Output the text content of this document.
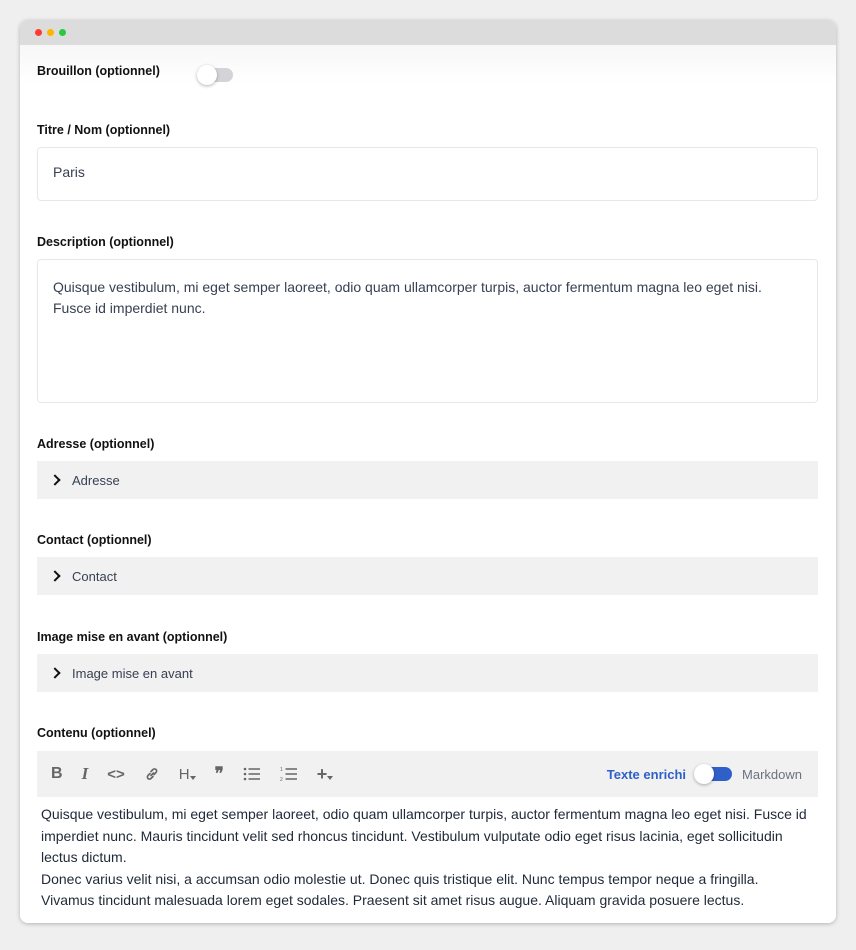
Brouillon (optionnel)
Titre / Nom (optionnel)
Paris
Description (optionnel)
Quisque vestibulum, mi eget semper laoreet, odio quam ullamcorper turpis, auctor fermentum magna leo eget nisi. Fusce id imperdiet nunc.
Adresse (optionnel)
Adresse
Contact (optionnel)
Contact
Image mise en avant (optionnel)
Image mise en avant
Contenu (optionnel)
B I <>	H ❞	1
2 +	Texte enrichi	Markdown

Quisque vestibulum, mi eget semper laoreet, odio quam ullamcorper turpis, auctor fermentum magna leo eget nisi. Fusce id imperdiet nunc. Mauris tincidunt velit sed rhoncus tincidunt. Vestibulum vulputate odio eget risus lacinia, eget sollicitudin lectus dictum.

Donec varius velit nisi, a accumsan odio molestie ut. Donec quis tristique elit. Nunc tempus tempor neque a fringilla.

Vivamus tincidunt malesuada lorem eget sodales. Praesent sit amet risus augue. Aliquam gravida posuere lectus.
